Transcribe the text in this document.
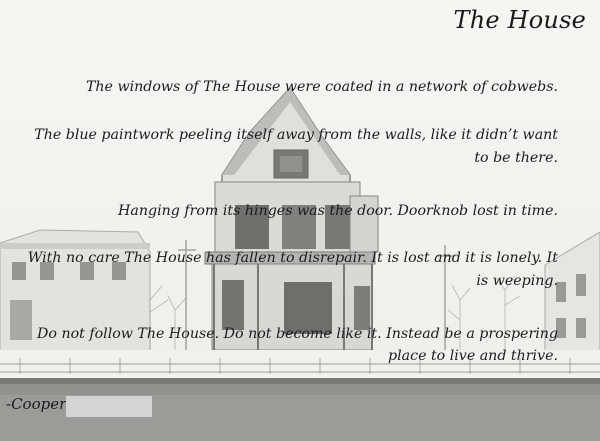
The House
The windows of The House were coated in a network of cobwebs.
The blue paintwork peeling itself away from the walls, like it didn’t want
to be there.
Hanging from its hinges was the door. Doorknob lost in time.
With no care The House has fallen to disrepair. It is lost and it is lonely. It
is weeping.
Do not follow The House. Do not become like it. Instead be a prospering
place to live and thrive.
-Cooper
